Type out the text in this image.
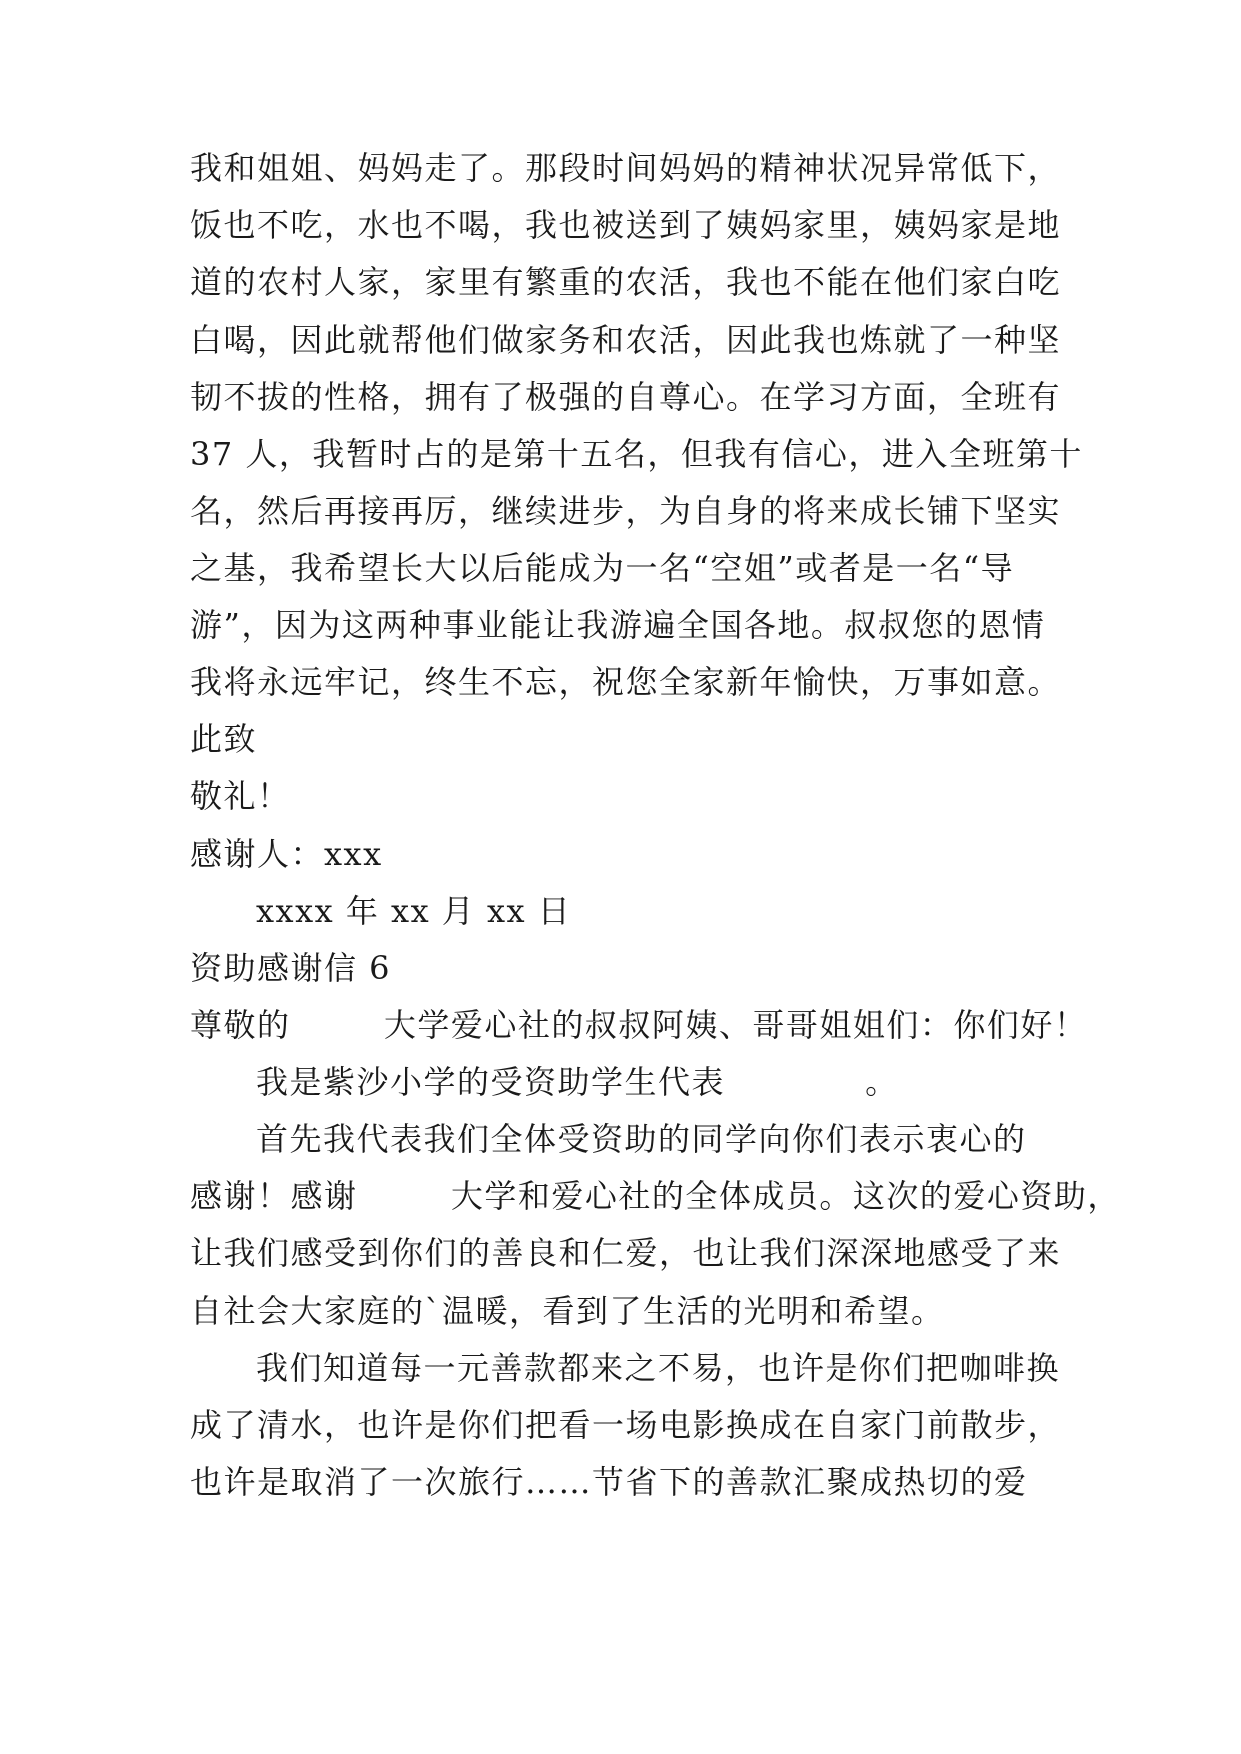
我和姐姐、妈妈走了。那段时间妈妈的精神状况异常低下，
饭也不吃，水也不喝，我也被送到了姨妈家里，姨妈家是地
道的农村人家，家里有繁重的农活，我也不能在他们家白吃
白喝，因此就帮他们做家务和农活，因此我也炼就了一种坚
韧不拔的性格，拥有了极强的自尊心。在学习方面，全班有
37 人，我暂时占的是第十五名，但我有信心，进入全班第十
名，然后再接再厉，继续进步，为自身的将来成长铺下坚实
之基，我希望长大以后能成为一名“空姐”或者是一名“导
游”，因为这两种事业能让我游遍全国各地。叔叔您的恩情
我将永远牢记，终生不忘，祝您全家新年愉快，万事如意。
此致
敬礼！
感谢人：xxx
xxxx 年 xx 月 xx 日
资助感谢信 6
尊敬的        大学爱心社的叔叔阿姨、哥哥姐姐们：你们好！
我是紫沙小学的受资助学生代表            。
首先我代表我们全体受资助的同学向你们表示衷心的
感谢！感谢        大学和爱心社的全体成员。这次的爱心资助，
让我们感受到你们的善良和仁爱，也让我们深深地感受了来
自社会大家庭的`温暖，看到了生活的光明和希望。
我们知道每一元善款都来之不易，也许是你们把咖啡换
成了清水，也许是你们把看一场电影换成在自家门前散步，
也许是取消了一次旅行……节省下的善款汇聚成热切的爱
